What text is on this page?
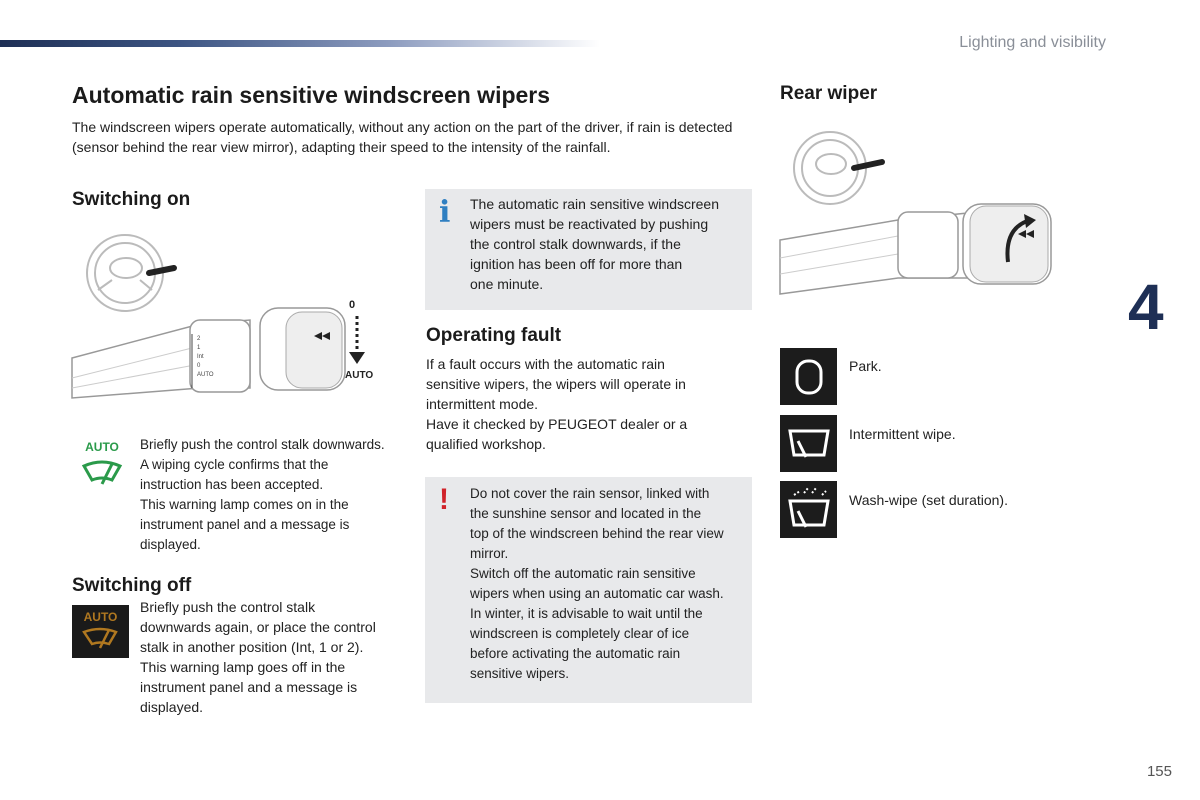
Lighting and visibility
Automatic rain sensitive windscreen wipers

The windscreen wipers operate automatically, without any action on the part of the driver, if rain is detected (sensor behind the rear view mirror), adapting their speed to the intensity of the rainfall.

Switching on
2
1
Int
0
AUTO
0
AUTO
AUTO	Briefly push the control stalk downwards.
A wiping cycle confirms that the
instruction has been accepted.
This warning lamp comes on in the
instrument panel and a message is
displayed.
Switching off
AUTO
Briefly push the control stalk
downwards again, or place the control
stalk in another position (Int, 1 or 2).
This warning lamp goes off in the
instrument panel and a message is
displayed.
i The automatic rain sensitive windscreen
wipers must be reactivated by pushing
the control stalk downwards, if the
ignition has been off for more than
one minute.
Operating fault
If a fault occurs with the automatic rain
sensitive wipers, the wipers will operate in
intermittent mode.
Have it checked by PEUGEOT dealer or a
qualified workshop.
! Do not cover the rain sensor, linked with
the sunshine sensor and located in the
top of the windscreen behind the rear view
mirror.
Switch off the automatic rain sensitive
wipers when using an automatic car wash.
In winter, it is advisable to wait until the
windscreen is completely clear of ice
before activating the automatic rain
sensitive wipers.
Rear wiper
4
Park.
Intermittent wipe.
Wash-wipe (set duration).
155
